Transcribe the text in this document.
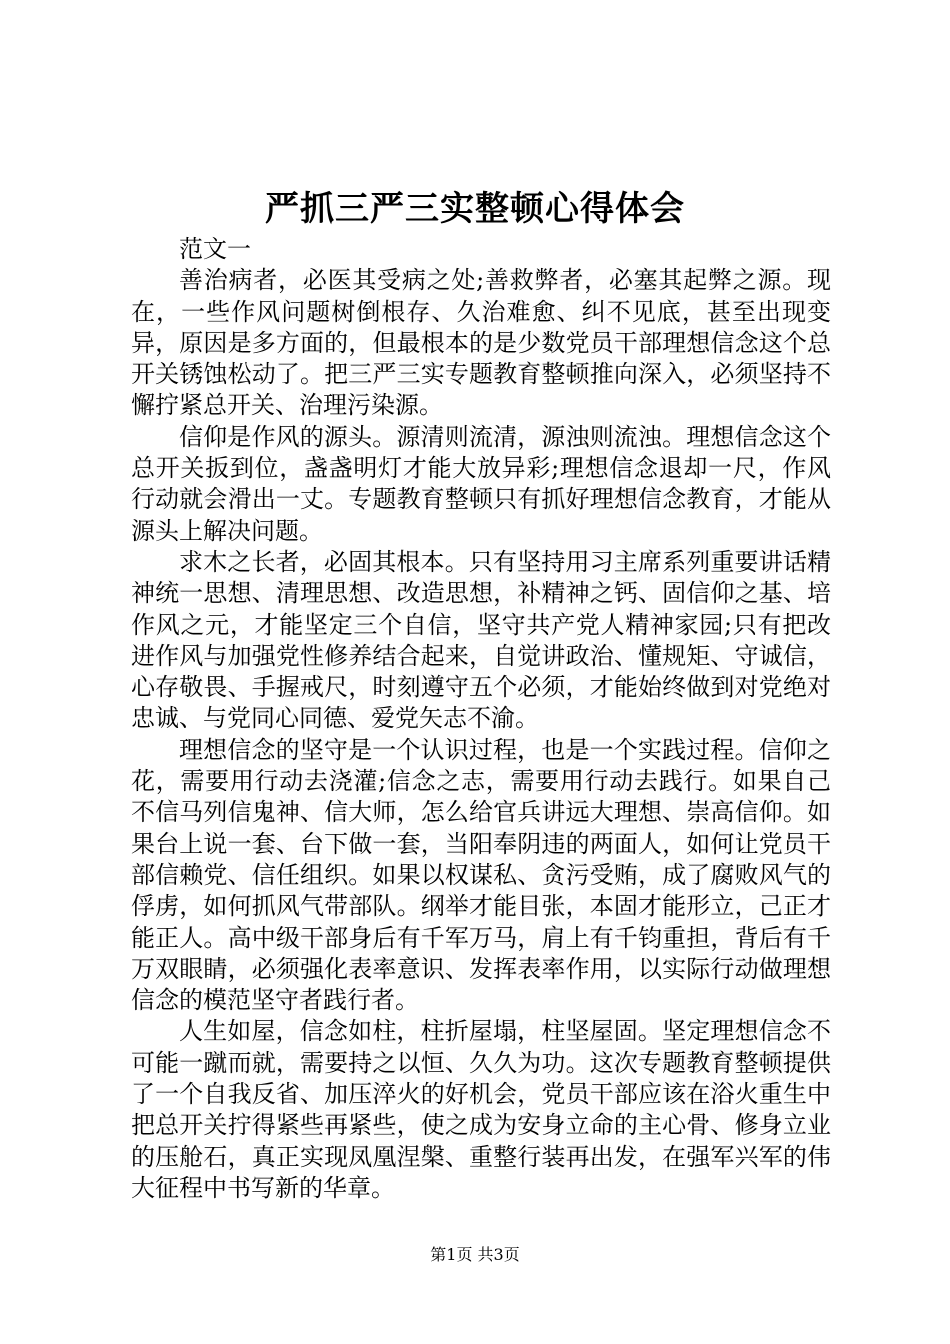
严抓三严三实整顿心得体会

范文一

善治病者，必医其受病之处;善救弊者，必塞其起弊之源。现在，一些作风问题树倒根存、久治难愈、纠不见底，甚至出现变异，原因是多方面的，但最根本的是少数党员干部理想信念这个总开关锈蚀松动了。把三严三实专题教育整顿推向深入，必须坚持不懈拧紧总开关、治理污染源。

信仰是作风的源头。源清则流清，源浊则流浊。理想信念这个总开关扳到位，盏盏明灯才能大放异彩;理想信念退却一尺，作风行动就会滑出一丈。专题教育整顿只有抓好理想信念教育，才能从源头上解决问题。

求木之长者，必固其根本。只有坚持用习主席系列重要讲话精神统一思想、清理思想、改造思想，补精神之钙、固信仰之基、培作风之元，才能坚定三个自信，坚守共产党人精神家园;只有把改进作风与加强党性修养结合起来，自觉讲政治、懂规矩、守诚信，心存敬畏、手握戒尺，时刻遵守五个必须，才能始终做到对党绝对忠诚、与党同心同德、爱党矢志不渝。

理想信念的坚守是一个认识过程，也是一个实践过程。信仰之花，需要用行动去浇灌;信念之志，需要用行动去践行。如果自己不信马列信鬼神、信大师，怎么给官兵讲远大理想、崇高信仰。如果台上说一套、台下做一套，当阳奉阴违的两面人，如何让党员干部信赖党、信任组织。如果以权谋私、贪污受贿，成了腐败风气的俘虏，如何抓风气带部队。纲举才能目张，本固才能形立，己正才能正人。高中级干部身后有千军万马，肩上有千钧重担，背后有千万双眼睛，必须强化表率意识、发挥表率作用，以实际行动做理想信念的模范坚守者践行者。

人生如屋，信念如柱，柱折屋塌，柱坚屋固。坚定理想信念不可能一蹴而就，需要持之以恒、久久为功。这次专题教育整顿提供了一个自我反省、加压淬火的好机会，党员干部应该在浴火重生中把总开关拧得紧些再紧些，使之成为安身立命的主心骨、修身立业的压舱石，真正实现凤凰涅槃、重整行装再出发，在强军兴军的伟大征程中书写新的华章。

第1页 共3页
